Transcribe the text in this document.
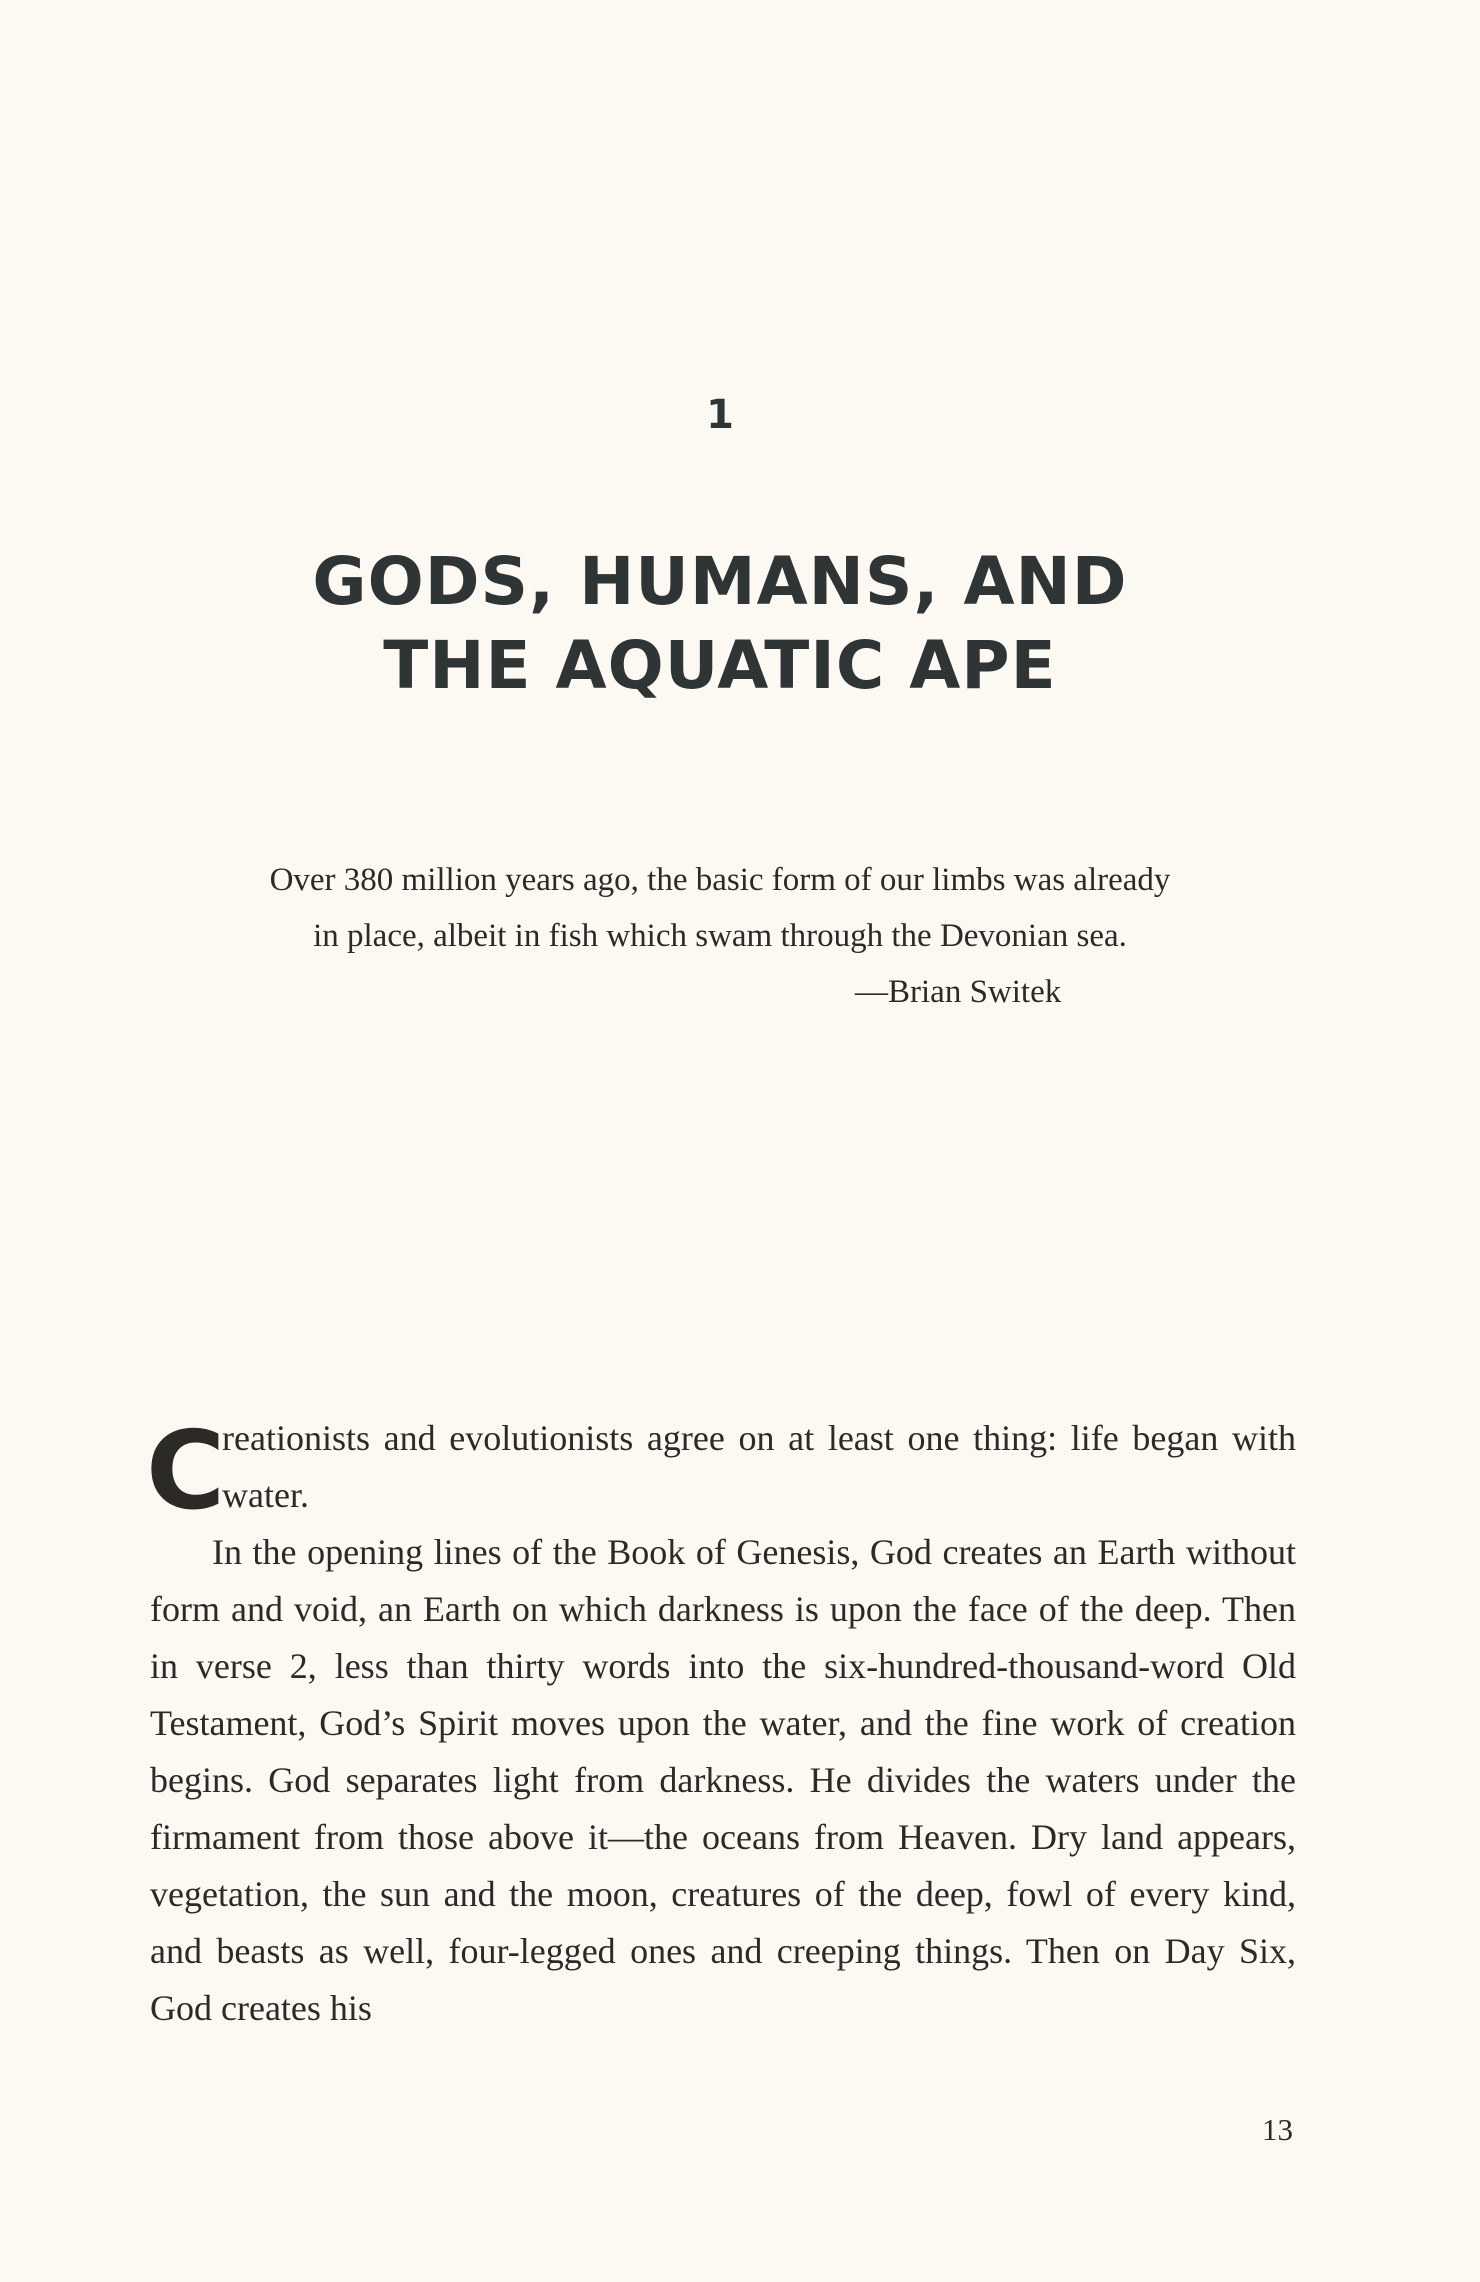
1
GODS, HUMANS, AND
THE AQUATIC APE
Over 380 million years ago, the basic form of our limbs was already
in place, albeit in fish which swam through the Devonian sea.
—Brian Switek

C
reationists and evolutionists agree on at least one thing: life began with water.

In the opening lines of the Book of Genesis, God creates an Earth without form and void, an Earth on which darkness is upon the face of the deep. Then in verse 2, less than thirty words into the six-hundred-thousand-word Old Testament, God’s Spirit moves upon the water, and the fine work of creation begins. God separates light from darkness. He divides the waters under the firmament from those above it—the oceans from Heaven. Dry land appears, vegetation, the sun and the moon, creatures of the deep, fowl of every kind, and beasts as well, four-legged ones and creeping things. Then on Day Six, God creates his

13
